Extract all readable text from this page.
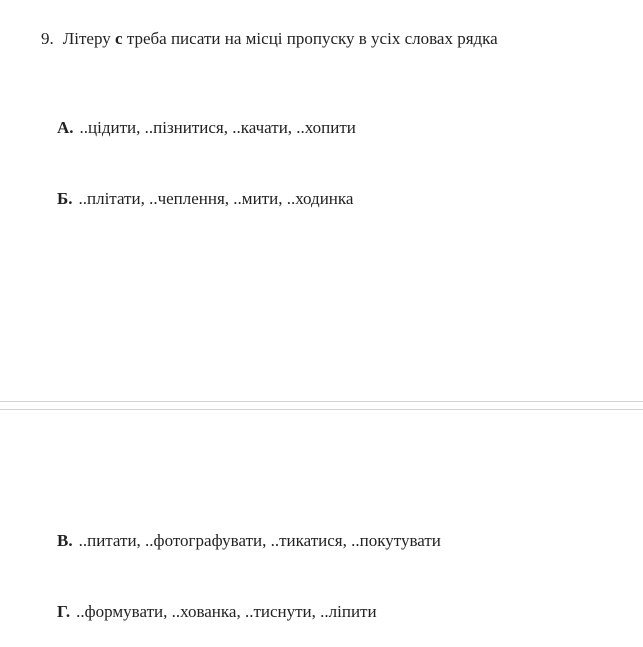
9. Літеру с треба писати на місці пропуску в усіх словах рядка
А. ..цідити, ..пізнитися, ..качати, ..хопити
Б. ..плітати, ..чеплення, ..мити, ..ходинка
В. ..питати, ..фотографувати, ..тикатися, ..покутувати
Г. ..формувати, ..хованка, ..тиснути, ..ліпити
